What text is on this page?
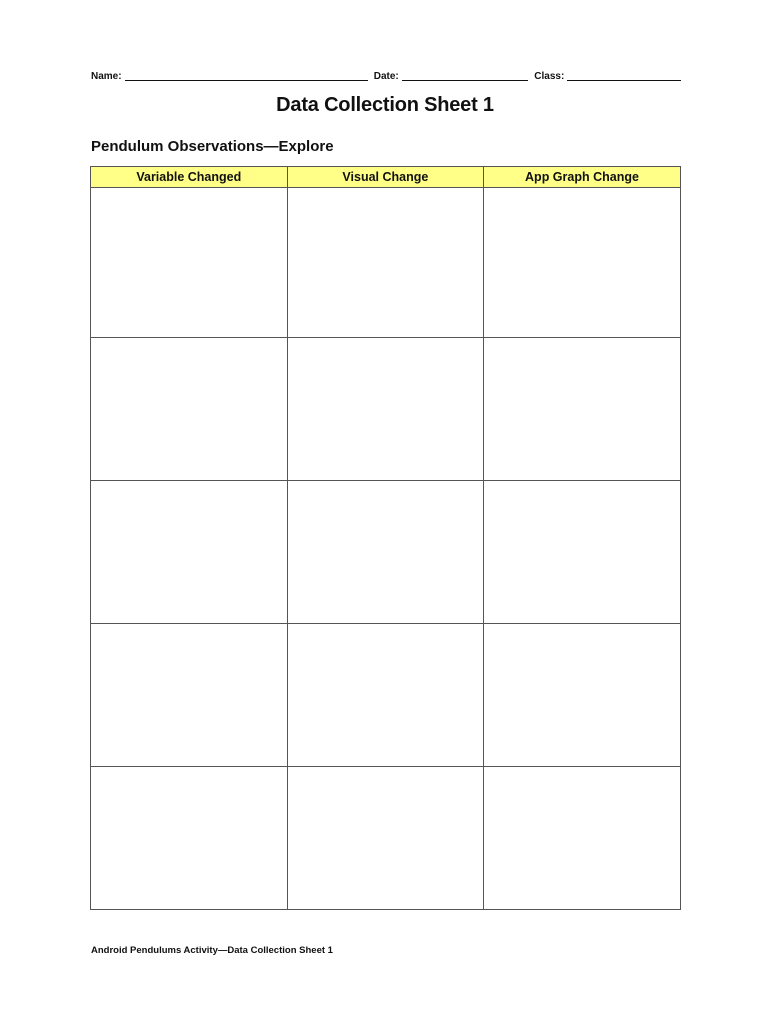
Name:	Date:	Class:
Data Collection Sheet 1
Pendulum Observations—Explore
Variable Changed	Visual Change	App Graph Change

Android Pendulums Activity—Data Collection Sheet 1
